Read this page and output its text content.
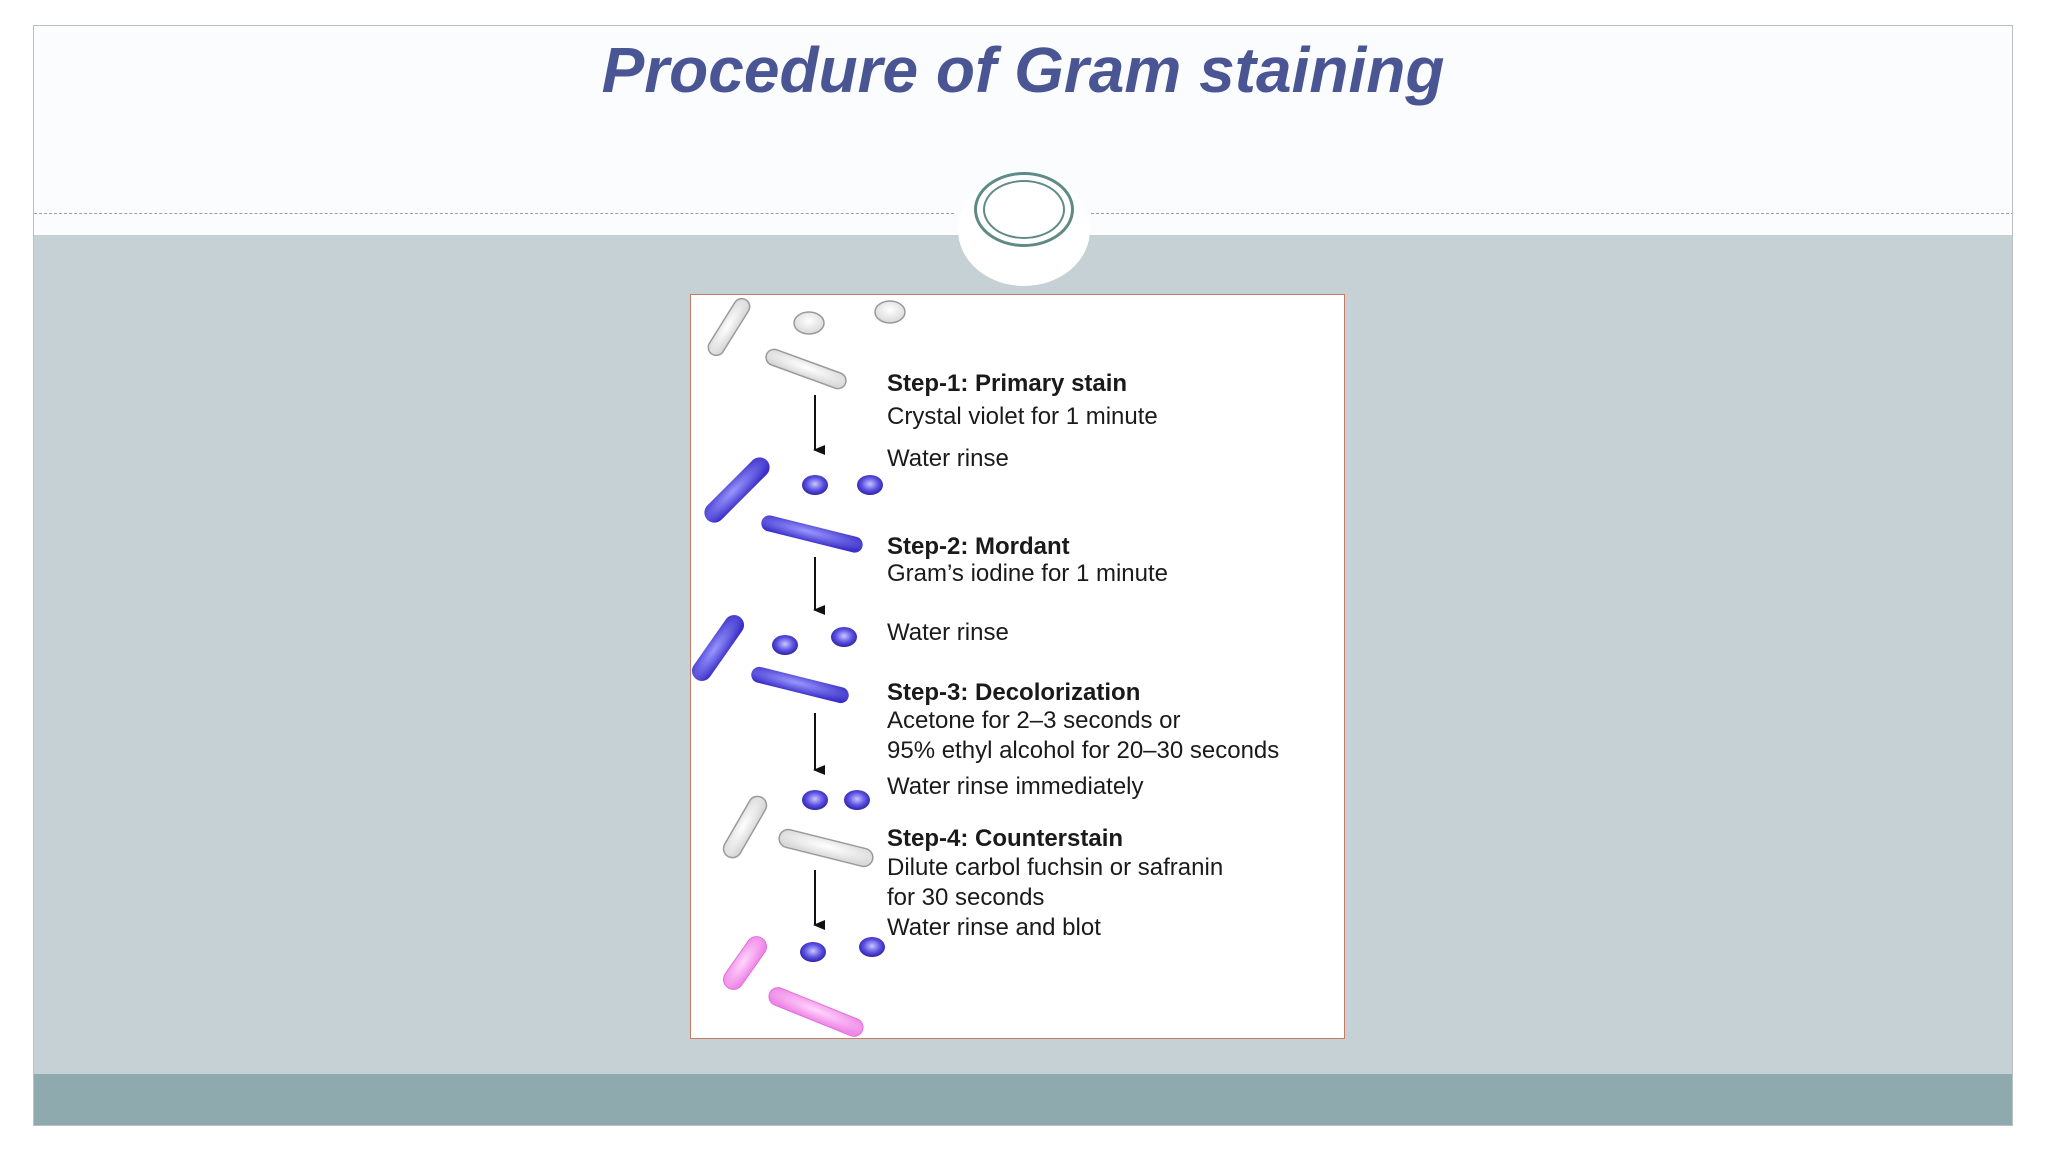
Procedure of Gram staining

Step-1: Primary stain

Crystal violet for 1 minute

Water rinse

Step-2: Mordant

Gram’s iodine for 1 minute

Water rinse

Step-3: Decolorization

Acetone for 2–3 seconds or

95% ethyl alcohol for 20–30 seconds

Water rinse immediately

Step-4: Counterstain

Dilute carbol fuchsin or safranin

for 30 seconds

Water rinse and blot
